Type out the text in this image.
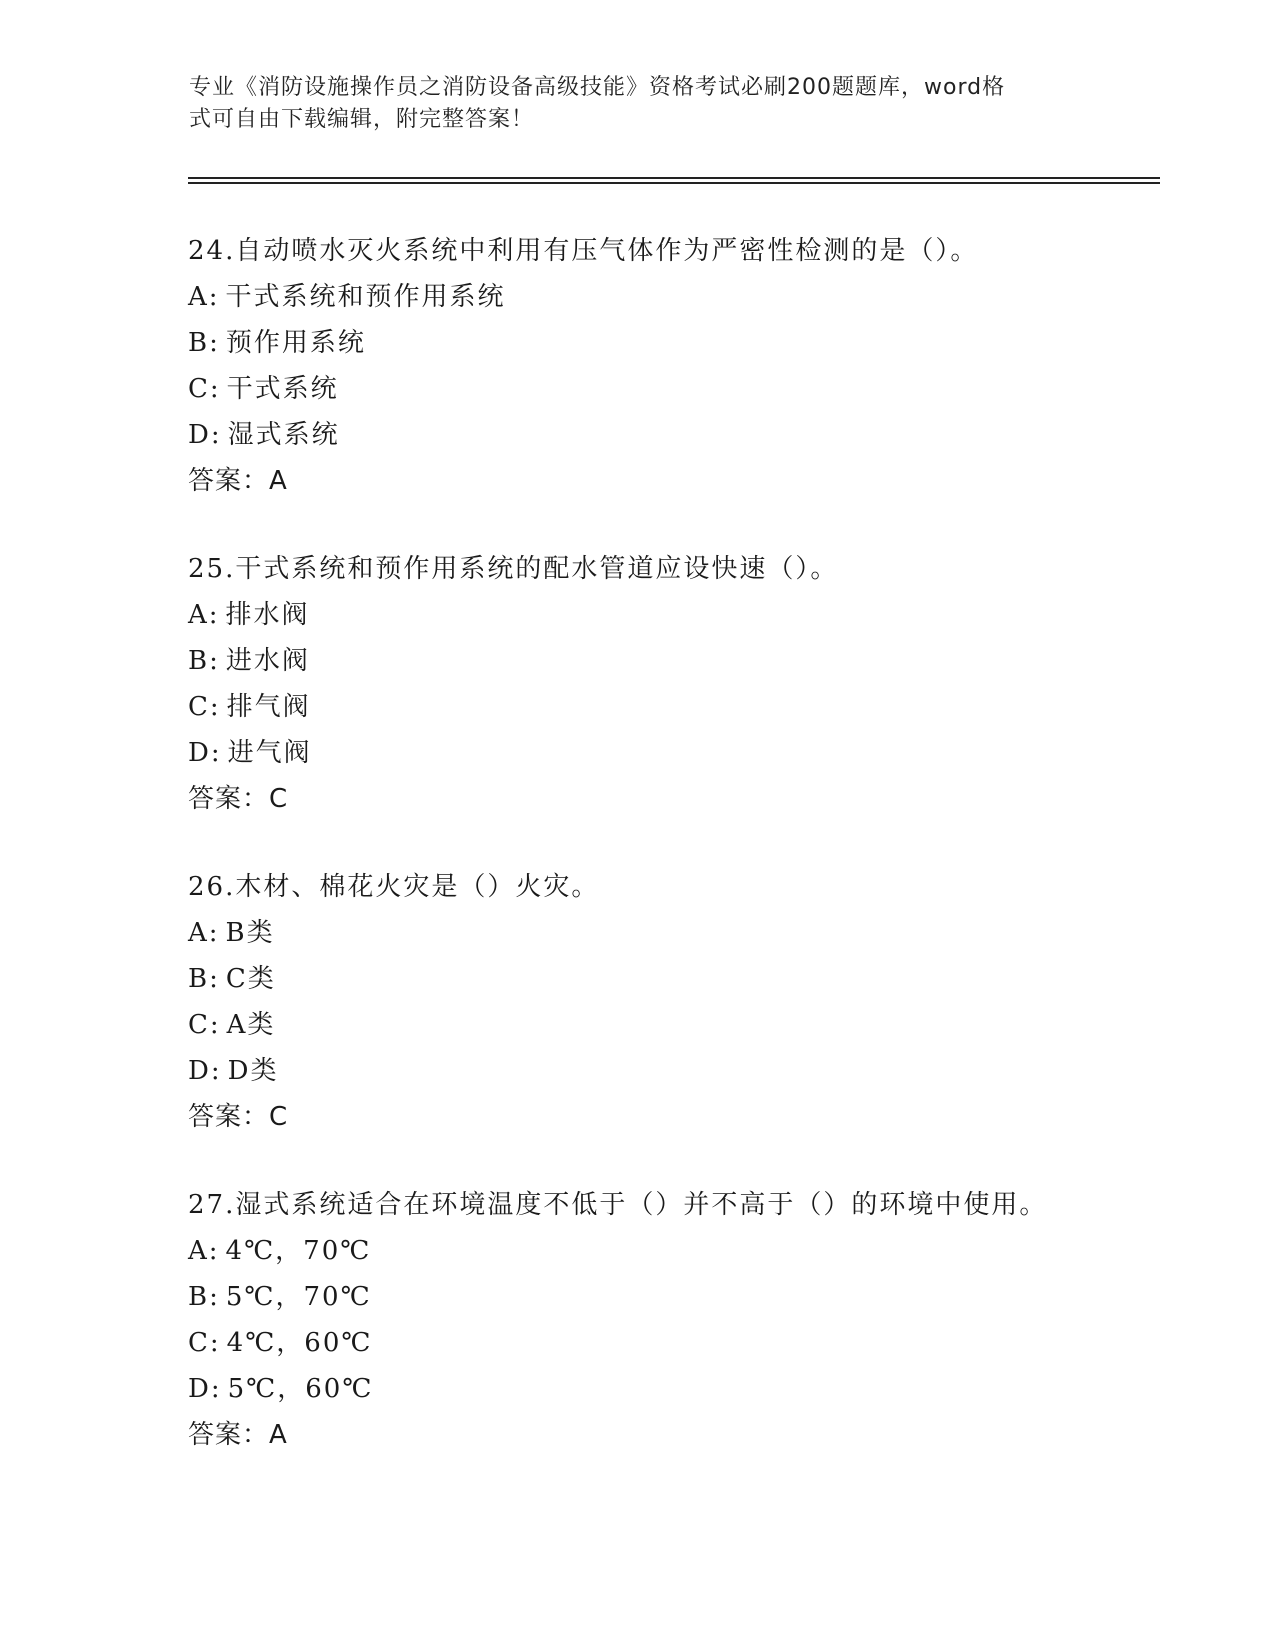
专业《消防设施操作员之消防设备高级技能》资格考试必刷200题题库，word格
式可自由下载编辑，附完整答案！
24.自动喷水灭火系统中利用有压气体作为严密性检测的是（）。
A: 干式系统和预作用系统
B: 预作用系统
C: 干式系统
D: 湿式系统
答案：A
25.干式系统和预作用系统的配水管道应设快速（）。
A: 排水阀
B: 进水阀
C: 排气阀
D: 进气阀
答案：C
26.木材、棉花火灾是（）火灾。
A: B类
B: C类
C: A类
D: D类
答案：C
27.湿式系统适合在环境温度不低于（）并不高于（）的环境中使用。
A: 4℃，70℃
B: 5℃，70℃
C: 4℃，60℃
D: 5℃，60℃
答案：A
